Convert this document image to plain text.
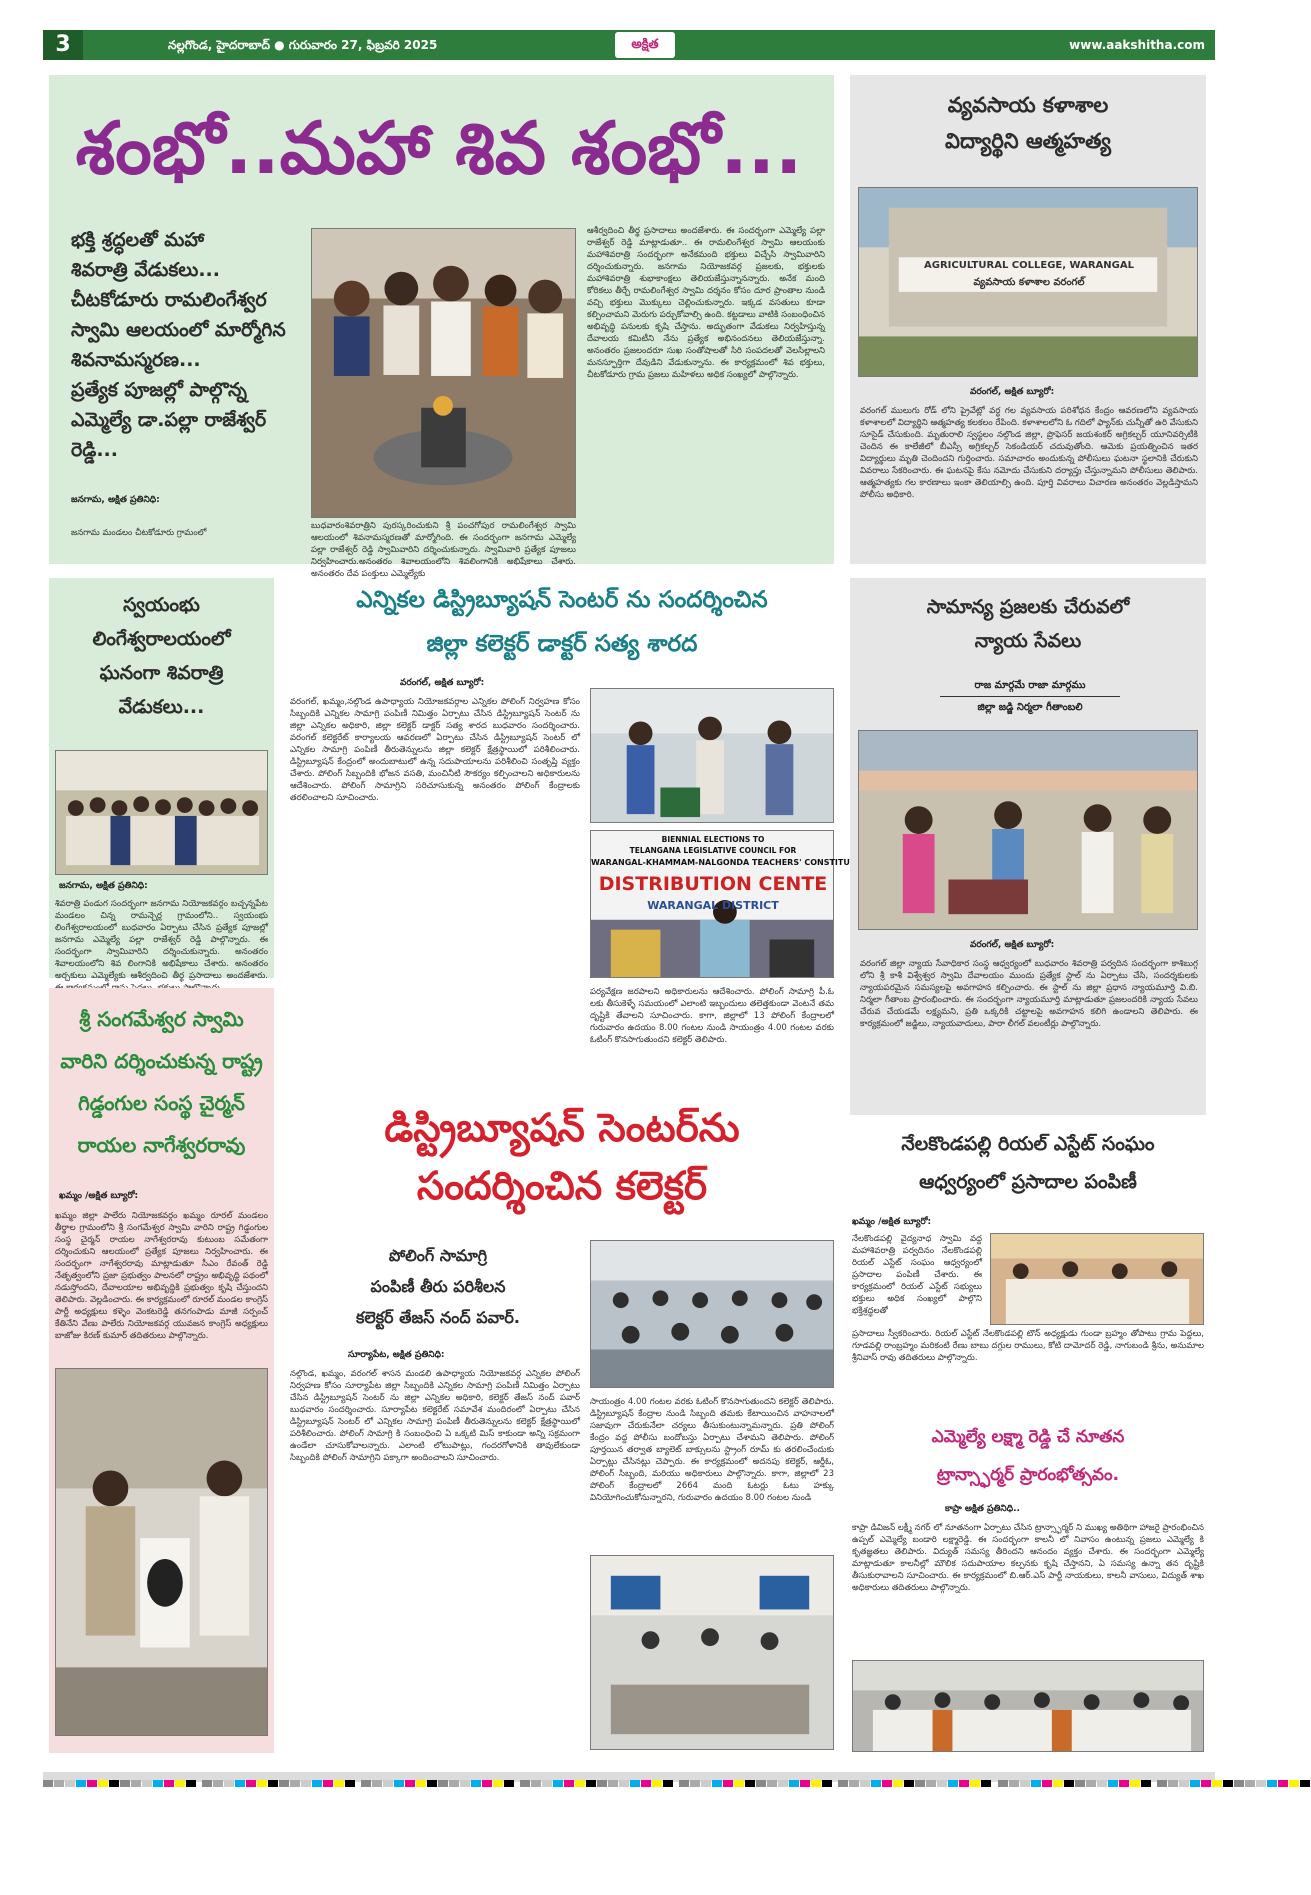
3	నల్లగొండ, హైదరాబాద్ ● గురువారం 27, ఫిబ్రవరి 2025	అక్షిత	www.aakshitha.com
శంభో..మహా శివ శంభో...
భక్తి శ్రద్ధలతో మహా
శివరాత్రి వేడుకలు...
చీటకోడూరు రామలింగేశ్వర
స్వామి ఆలయంలో మార్మోగిన
శివనామస్మరణ...
ప్రత్యేక పూజల్లో పాల్గొన్న
ఎమ్మెల్యే డా.పల్లా రాజేశ్వర్
రెడ్డి...
జనగామ, అక్షిత ప్రతినిధి:
జనగామ మండలం చీటకోడూరు గ్రామంలో
బుధవారంశివరాత్రిని పురస్కరించుకుని శ్రీ పంచగోపుర రామలింగేశ్వర స్వామి ఆలయంలో శివనామస్మరణతో మార్మోగింది. ఈ సందర్భంగా జనగామ ఎమ్మెల్యే పల్లా రాజేశ్వర్ రెడ్డి స్వామివారిని దర్శించుకున్నారు. స్వామివారి ప్రత్యేక పూజలు నిర్వహించారు.అనంతరం శివాలయంలోని శివలింగానికి అభిషేకాలు చేశారు. అనంతరం దేవ పంక్తులు ఎమ్మెల్యేకు
ఆశీర్వదించి తీర్థ ప్రసాదాలు అందజేశారు. ఈ సందర్భంగా ఎమ్మెల్యే పల్లా రాజేశ్వర్ రెడ్డి మాట్లాడుతూ.. ఈ రామలింగేశ్వర స్వామి ఆలయంకు మహాశివరాత్రి సందర్భంగా అనేకమంది భక్తులు విచ్చేసి స్వామివారిని దర్శించుకున్నారు. జనగామ నియోజకవర్గ ప్రజలకు, భక్తులకు మహాశివరాత్రి శుభాకాంక్షలు తెలియజేస్తున్నానన్నారు. అనేక మంది కోరికలు తీర్చే రామలింగేశ్వర స్వామి దర్శనం కోసం దూర ప్రాంతాల నుండి వచ్చి భక్తులు మొక్కులు చెల్లించుకున్నారు. ఇక్కడ వసతులు కూడా కల్పించామని మెరుగు పర్చుకోవాల్సి ఉంది. కట్టడాలు వాటికి సంబంధించిన అభివృద్ధి పనులకు కృషి చేస్తాను. అద్భుతంగా వేడుకలు నిర్వహిస్తున్న దేవాలయ కమిటీని నేను ప్రత్యేక అభినందనలు తెలియజేస్తున్నా. అనంతరం ప్రజలందరూ సుఖ సంతోషాలతో సిరి సంపదలతో వెలసిల్లాలని మనస్ఫూర్తిగా దేవుడిని వేడుకున్నాను. ఈ కార్యక్రమంలో శివ భక్తులు, చీటకోడూరు గ్రామ ప్రజలు మహిళలు అధిక సంఖ్యలో పాల్గొన్నారు.
వ్యవసాయ కళాశాల
విద్యార్థిని ఆత్మహత్య
AGRICULTURAL COLLEGE, WARANGAL
వ్యవసాయ కళాశాల వరంగల్
వరంగల్, అక్షిత బ్యూరో:
వరంగల్ ములుగు రోడ్ లోని ప్రైవేట్లో వర్ధ గల వ్యవసాయ పరిశోధన కేంద్రం ఆవరణలోని వ్యవసాయ కళాశాలలో విద్యార్థిని ఆత్మహత్య కలకలం రేపింది. కళాశాలలోని ఓ గదిలో ఫ్యాన్‌కు చున్నీతో ఉరి వేసుకుని సూసైడ్ చేసుకుంది. మృతురాలి స్వస్థలం నల్గొండ జిల్లా, ప్రొఫెసర్ జయశంకర్ అగ్రికల్చర్ యూనివర్సిటీకి చెందిన ఈ కాలేజీలో బీఎస్సీ అగ్రికల్చర్ సెకండియర్ చదువుతోంది. ఆమెకు ప్రయత్నించిన ఇతర విద్యార్థులు మృతి చెందిందని గుర్తించారు. సమాచారం అందుకున్న పోలీసులు ఘటనా స్థలానికి చేరుకుని వివరాలు సేకరించారు. ఈ ఘటనపై కేసు నమోదు చేసుకుని దర్యాప్తు చేస్తున్నామని పోలీసులు తెలిపారు. ఆత్మహత్యకు గల కారణాలు ఇంకా తెలియాల్సి ఉంది. పూర్తి వివరాలు విచారణ అనంతరం వెల్లడిస్తామని పోలీసు అధికారి.
స్వయంభు
లింగేశ్వరాలయంలో
ఘనంగా శివరాత్రి
వేడుకలు...
జనగామ, అక్షిత ప్రతినిధి:
శివరాత్రి పండుగ సందర్భంగా జనగామ నియోజకవర్గం బచ్చన్నపేట మండలం చిన్న రామన్చెర్ల గ్రామంలోని.. స్వయంభు లింగేశ్వరాలయంలో బుధవారం ఏర్పాటు చేసిన ప్రత్యేక పూజల్లో జనగామ ఎమ్మెల్యే పల్లా రాజేశ్వర్ రెడ్డి పాల్గొన్నారు. ఈ సందర్భంగా స్వామివారిని దర్శించుకున్నారు. అనంతరం శివాలయంలోని శివ లింగానికి అభిషేకాలు చేశారు. అనంతరం అర్చకులు ఎమ్మెల్యేకు ఆశీర్వదించి తీర్థ ప్రసాదాలు అందజేశారు.
శ్రీ సంగమేశ్వర స్వామి
వారిని దర్శించుకున్న రాష్ట్ర
గిడ్డంగుల సంస్థ చైర్మన్
రాయల నాగేశ్వరరావు
ఖమ్మం /అక్షిత బ్యూరో:
ఖమ్మం జిల్లా పాలేరు నియోజకవర్గం ఖమ్మం రూరల్ మండలం తీర్థాల గ్రామంలోని శ్రీ సంగమేశ్వర స్వామి వారిని రాష్ట్ర గిడ్డంగుల సంస్థ చైర్మన్ రాయల నాగేశ్వరరావు కుటుంబ సమేతంగా దర్శించుకుని ఆలయంలో ప్రత్యేక పూజలు నిర్వహించారు. ఈ సందర్భంగా నాగేశ్వరరావు మాట్లాడుతూ సీఎం రేవంత్ రెడ్డి నేతృత్వంలోని ప్రజా ప్రభుత్వం పాలనలో రాష్ట్రం అభివృద్ధి పథంలో నడుస్తోందని, దేవాలయాల అభివృద్ధికి ప్రభుత్వం కృషి చేస్తుందని తెలిపారు. వెల్లడించారు. ఈ కార్యక్రమంలో రూరల్ మండల కాంగ్రెస్ పార్టీ అధ్యక్షులు కళ్ళెం వెంకటరెడ్డి తనగంపాడు మాజీ సర్పంచ్ కేతినేని వేణు పాలేరు నియోజకవర్గ యువజన కాంగ్రెస్ అధ్యక్షులు బాజోజు కిరణ్ కుమార్ తదితరులు పాల్గొన్నారు.
ఎన్నికల డిస్ట్రిబ్యూషన్ సెంటర్ ను సందర్శించిన
జిల్లా కలెక్టర్ డాక్టర్ సత్య శారద
వరంగల్, అక్షిత బ్యూరో:
వరంగల్, ఖమ్మం,నల్గొండ ఉపాధ్యాయ నియోజకవర్గాల ఎన్నికల పోలింగ్ నిర్వహణ కోసం సిబ్బందికి ఎన్నికల సామాగ్రి పంపిణీ నిమిత్తం ఏర్పాటు చేసిన డిస్ట్రిబ్యూషన్ సెంటర్ ను జిల్లా ఎన్నికల అధికారి, జిల్లా కలెక్టర్ డాక్టర్ సత్య శారద బుధవారం సందర్శించారు. వరంగల్ కలెక్టరేట్ కార్యాలయ ఆవరణలో ఏర్పాటు చేసిన డిస్ట్రిబ్యూషన్ సెంటర్ లో ఎన్నికల సామాగ్రి పంపిణీ తీరుతెన్నులను జిల్లా కలెక్టర్ క్షేత్రస్థాయిలో పరిశీలించారు. డిస్ట్రిబ్యూషన్ కేంద్రంలో అందుబాటులో ఉన్న సదుపాయాలను పరిశీలించి సంతృప్తి వ్యక్తం చేశారు. పోలింగ్ సిబ్బందికి భోజన వసతి, మంచినీటి సౌకర్యం కల్పించాలని అధికారులను ఆదేశించారు. పోలింగ్ సామాగ్రిని సరిచూసుకున్న అనంతరం పోలింగ్ కేంద్రాలకు తరలించాలని సూచించారు.
BIENNIAL ELECTIONS TO
TELANGANA LEGISLATIVE COUNCIL FOR
WARANGAL-KHAMMAM-NALGONDA TEACHERS' CONSTITU
DISTRIBUTION CENTE
WARANGAL DISTRICT
పర్యవేక్షణ జరపాలని అధికారులను ఆదేశించారు. పోలింగ్ సామాగ్రి పీ.ఓ లకు తీసుకెళ్ళే సమయంలో ఎలాంటి ఇబ్బందులు తలెత్తకుండా వెంటనే తమ దృష్టికి తేవాలని సూచించారు. కాగా, జిల్లాలో 13 పోలింగ్ కేంద్రాలలో గురువారం ఉదయం 8.00 గంటల నుండి సాయంత్రం 4.00 గంటల వరకు ఓటింగ్ కొనసాగుతుందని కలెక్టర్ తెలిపారు.
డిస్ట్రిబ్యూషన్ సెంటర్‌ను
సందర్శించిన కలెక్టర్
పోలింగ్ సామాగ్రి
పంపిణీ తీరు పరిశీలన
కలెక్టర్ తేజస్ నంద్ పవార్.
సూర్యాపేట, అక్షిత ప్రతినిధి:
నల్గొండ, ఖమ్మం, వరంగల్ శాసన మండలి ఉపాధ్యాయ నియోజకవర్గ ఎన్నికల పోలింగ్ నిర్వహణ కోసం సూర్యాపేట జిల్లా సిబ్బందికి ఎన్నికల సామాగ్రి పంపిణీ నిమిత్తం ఏర్పాటు చేసిన డిస్ట్రిబ్యూషన్ సెంటర్ ను జిల్లా ఎన్నికల అధికారి, కలెక్టర్ తేజస్ నంద్ పవార్ బుధవారం సందర్శించారు. సూర్యాపేట కలెక్టరేట్ సమావేశ మందిరంలో ఏర్పాటు చేసిన డిస్ట్రిబ్యూషన్ సెంటర్ లో ఎన్నికల సామాగ్రి పంపిణీ తీరుతెన్నులను కలెక్టర్ క్షేత్రస్థాయిలో పరిశీలించారు. పోలింగ్ సామాగ్రి కి సంబంధించి ఏ ఒక్కటి మిస్ కాకుండా అన్ని సక్రమంగా ఉండేలా చూసుకోవాలన్నారు. ఎలాంటి లోటుపాట్లు, గందరగోళానికి తావులేకుండా సిబ్బందికి పోలింగ్ సామాగ్రిని పక్కాగా అందించాలని సూచించారు.
సాయంత్రం 4.00 గంటల వరకు ఓటింగ్ కొనసాగుతుందని కలెక్టర్ తెలిపారు. డిస్ట్రిబ్యూషన్ కేంద్రాల నుండి సిబ్బంది తమకు కేటాయించిన వాహనాలలో సజావుగా చేరుకునేలా చర్యలు తీసుకుంటున్నామన్నారు. ప్రతి పోలింగ్ కేంద్రం వద్ద పోలీసు బందోబస్తు ఏర్పాటు చేశామని తెలిపారు. పోలింగ్ పూర్తయిన తర్వాత బ్యాలెట్ బాక్సులను స్ట్రాంగ్ రూమ్ కు తరలించేందుకు ఏర్పాట్లు చేసినట్లు చెప్పారు. ఈ కార్యక్రమంలో అదనపు కలెక్టర్, ఆర్డీఓ, పోలింగ్ సిబ్బంది, మరియు అధికారులు పాల్గొన్నారు. కాగా, జిల్లాలో 23 పోలింగ్ కేంద్రాలలో 2664 మంది ఓటర్లు ఓటు హక్కు వినియోగించుకోనున్నారని, గురువారం ఉదయం 8.00 గంటల నుండి
సామాన్య ప్రజలకు చేరువలో
న్యాయ సేవలు
రాజ మార్గమే రాజా మార్గము
జిల్లా జడ్జి నిర్మలా గీతాంబలి
వరంగల్, అక్షిత బ్యూరో:
వరంగల్ జిల్లా న్యాయ సేవాధికార సంస్థ ఆధ్వర్యంలో బుధవారం శివరాత్రి పర్వదిన సందర్భంగా కాశిబుగ్గ లోని శ్రీ కాశీ విశ్వేశ్వర స్వామి దేవాలయం ముందు ప్రత్యేక స్టాల్ ను ఏర్పాటు చేసి, సందర్శకులకు న్యాయపరమైన సమస్యలపై అవగాహన కల్పించారు. ఈ స్టాల్ ను జిల్లా ప్రధాన న్యాయమూర్తి వి.బి. నిర్మలా గీతాంబ ప్రారంభించారు. ఈ సందర్భంగా న్యాయమూర్తి మాట్లాడుతూ ప్రజలందరికి న్యాయ సేవలు చేరువ చేయడమే లక్ష్యమని, ప్రతి ఒక్కరికి చట్టాలపై అవగాహన కలిగి ఉండాలని తెలిపారు. ఈ కార్యక్రమంలో జడ్జిలు, న్యాయవాదులు, పారా లీగల్ వలంటీర్లు పాల్గొన్నారు.
నేలకొండపల్లి రియల్ ఎస్టేట్ సంఘం
ఆధ్వర్యంలో ప్రసాదాల పంపిణీ
ఖమ్మం /అక్షిత బ్యూరో:
నేలకొండపల్లి వైద్యనాధ స్వామి వద్ద మహాశివరాత్రి పర్వదినం నేలకొండపల్లి రియల్ ఎస్టేట్ సంఘం ఆధ్వర్యంలో ప్రసాదాల పంపిణీ చేశారు. ఈ కార్యక్రమంలో రియల్ ఎస్టేట్ సభ్యులు భక్తులు అధిక సంఖ్యలో పాల్గొని భక్తిశ్రద్ధలతో
ప్రసాదాలు స్వీకరించారు. రియల్ ఎస్టేట్ నేలకొండపల్లి టౌన్ అధ్యక్షుడు గుండా బ్రహ్మం తోపాటు గ్రామ పెద్దలు, గూడవల్లి రాంబ్రహ్మం మరికంటి రేణు బాబు దగ్గుల రాములు, కోటి దామోదర్ రెడ్డి, నాగుబండి శ్రీను, అనుమాల శ్రీనివాస్ రావు తదితరులు పాల్గొన్నారు.
ఎమ్మెల్యే లక్ష్మా రెడ్డి చే నూతన
ట్రాన్స్ఫార్మర్ ప్రారంభోత్సవం.
కాప్రా అక్షిత ప్రతినిధి..
కాప్రా డివిజన్ లక్ష్మీ నగర్ లో నూతనంగా ఏర్పాటు చేసిన ట్రాన్స్ఫార్మర్ ని ముఖ్య అతిథిగా హాజరై ప్రారంభించిన ఉప్పల్ ఎమ్మెల్యే బండారి లక్ష్మారెడ్డి. ఈ సందర్భంగా కాలనీ లో నివాసం ఉంటున్న ప్రజలు ఎమ్మెల్యే కి కృతజ్ఞతలు తెలిపారు. విద్యుత్ సమస్య తీరిందని ఆనందం వ్యక్తం చేశారు. ఈ సందర్భంగా ఎమ్మెల్యే మాట్లాడుతూ కాలనీల్లో మౌలిక సదుపాయాల కల్పనకు కృషి చేస్తానని, ఏ సమస్య ఉన్నా తన దృష్టికి తీసుకురావాలని సూచించారు. ఈ కార్యక్రమంలో బి.ఆర్.ఎస్ పార్టీ నాయకులు, కాలనీ వాసులు, విద్యుత్ శాఖ అధికారులు తదితరులు పాల్గొన్నారు.
